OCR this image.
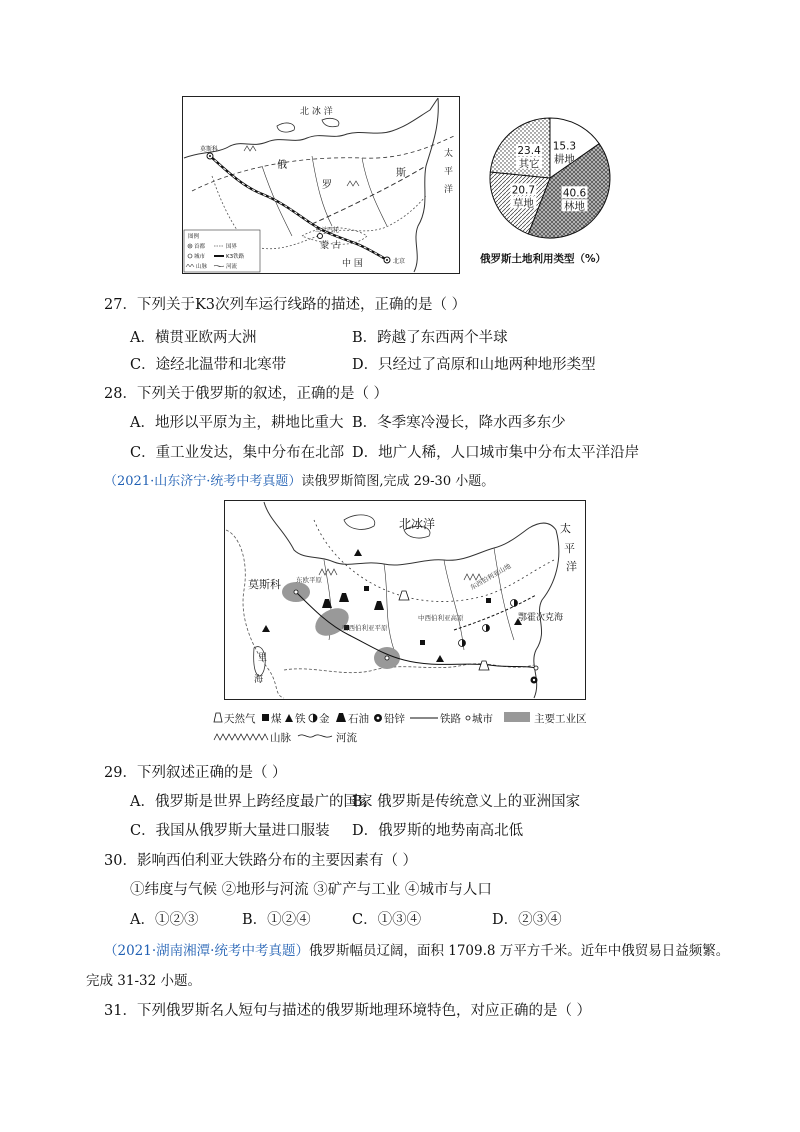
北 冰 洋
太
平
洋
俄
罗
斯
乌兰巴托
蒙 古
中 国	北京
莫斯科
图例
首都	国界
城市	K3铁路
山脉	河流
15.3
耕地
40.6
林地
20.7
草地
23.4
其它
俄罗斯土地利用类型（%）
27．下列关于K3次列车运行线路的描述，正确的是（ ）
A．横贯亚欧两大洲	B．跨越了东西两个半球
C．途经北温带和北寒带	D．只经过了高原和山地两种地形类型
28．下列关于俄罗斯的叙述，正确的是（ ）
A．地形以平原为主，耕地比重大 B．冬季寒冷漫长，降水西多东少
C．重工业发达，集中分布在北部 D．地广人稀，人口城市集中分布太平洋沿岸
（2021·山东济宁·统考中考真题）读俄罗斯简图,完成 29-30 小题。
北冰洋	太
平
洋
莫斯科 东欧平原
西西伯利亚平原
中西伯利亚高原
东西伯利亚山地
鄂霍次克海
里
海
天然气 煤 铁 金 石油 铅锌	铁路 城市	主要工业区
山脉	河流
29．下列叙述正确的是（ ）
A．俄罗斯是世界上跨经度最广的国家
B．俄罗斯是传统意义上的亚洲国家
C．我国从俄罗斯大量进口服装 D．俄罗斯的地势南高北低
30．影响西伯利亚大铁路分布的主要因素有（ ）
①纬度与气候 ②地形与河流 ③矿产与工业 ④城市与人口
A．①②③	B．①②④	C．①③④	D．②③④
（2021·湖南湘潭·统考中考真题）俄罗斯幅员辽阔，面积 1709.8 万平方千米。近年中俄贸易日益频繁。
完成 31-32 小题。
31．下列俄罗斯名人短句与描述的俄罗斯地理环境特色，对应正确的是（ ）
